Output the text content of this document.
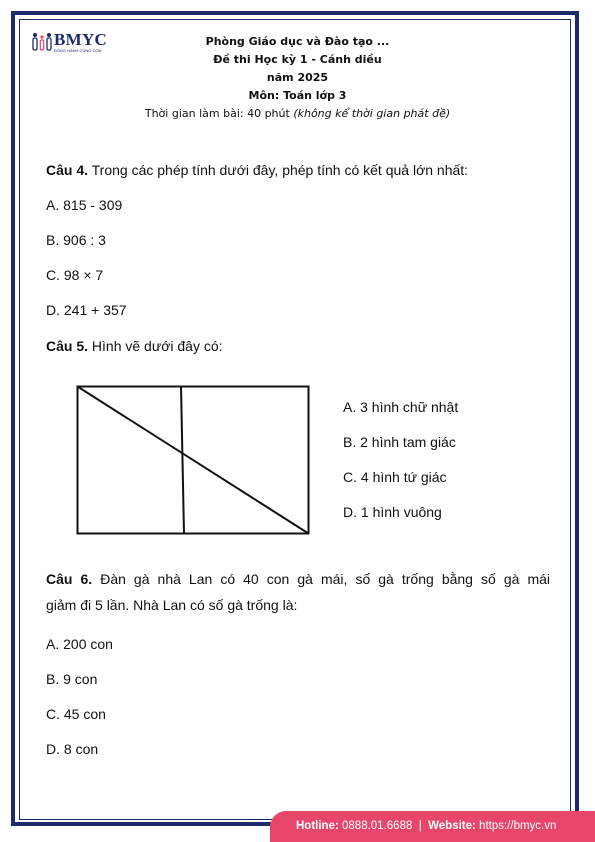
BMYC
ĐỒNG HÀNH CÙNG CON
Phòng Giáo dục và Đào tạo ...
Đề thi Học kỳ 1 - Cánh diều
năm 2025
Môn: Toán lớp 3
Thời gian làm bài: 40 phút (không kể thời gian phát đề)
Câu 4. Trong các phép tính dưới đây, phép tính có kết quả lớn nhất:
A. 815 - 309
B. 906 : 3
C. 98 × 7
D. 241 + 357
Câu 5. Hình vẽ dưới đây có:
A. 3 hình chữ nhật
B. 2 hình tam giác
C. 4 hình tứ giác
D. 1 hình vuông
Câu 6. Đàn gà nhà Lan có 40 con gà mái, số gà trống bằng số gà mái
giảm đi 5 lần. Nhà Lan có số gà trống là:
A. 200 con
B. 9 con
C. 45 con
D. 8 con
Hotline: 0888.01.6688  |  Website: https://bmyc.vn
